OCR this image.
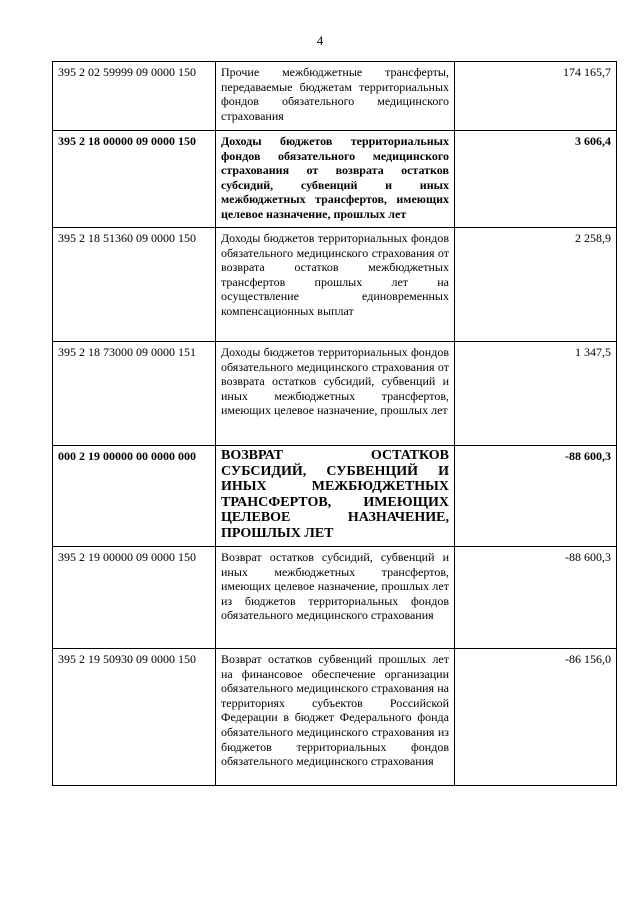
4
395 2 02 59999 09 0000 150	Прочие межбюджетные трансферты, передаваемые бюджетам территориальных фондов обязательного медицинского страхования	174 165,7
395 2 18 00000 09 0000 150	Доходы бюджетов территориальных фондов обязательного медицинского страхования от возврата остатков субсидий, субвенций и иных межбюджетных трансфертов, имеющих целевое назначение, прошлых лет	3 606,4
395 2 18 51360 09 0000 150	Доходы бюджетов территориальных фондов обязательного медицинского страхования от возврата остатков межбюджетных трансфертов прошлых лет на осуществление единовременных компенсационных выплат	2 258,9
395 2 18 73000 09 0000 151	Доходы бюджетов территориальных фондов обязательного медицинского страхования от возврата остатков субсидий, субвенций и иных межбюджетных трансфертов, имеющих целевое назначение, прошлых лет	1 347,5
000 2 19 00000 00 0000 000	ВОЗВРАТ ОСТАТКОВ СУБСИДИЙ, СУБВЕНЦИЙ И ИНЫХ МЕЖБЮДЖЕТНЫХ ТРАНСФЕРТОВ, ИМЕЮЩИХ ЦЕЛЕВОЕ НАЗНАЧЕНИЕ, ПРОШЛЫХ ЛЕТ	-88 600,3
395 2 19 00000 09 0000 150	Возврат остатков субсидий, субвенций и иных межбюджетных трансфертов, имеющих целевое назначение, прошлых лет из бюджетов территориальных фондов обязательного медицинского страхования	-88 600,3
395 2 19 50930 09 0000 150	Возврат остатков субвенций прошлых лет на финансовое обеспечение организации обязательного медицинского страхования на территориях субъектов Российской Федерации в бюджет Федерального фонда обязательного медицинского страхования из бюджетов территориальных фондов обязательного медицинского страхования	-86 156,0
